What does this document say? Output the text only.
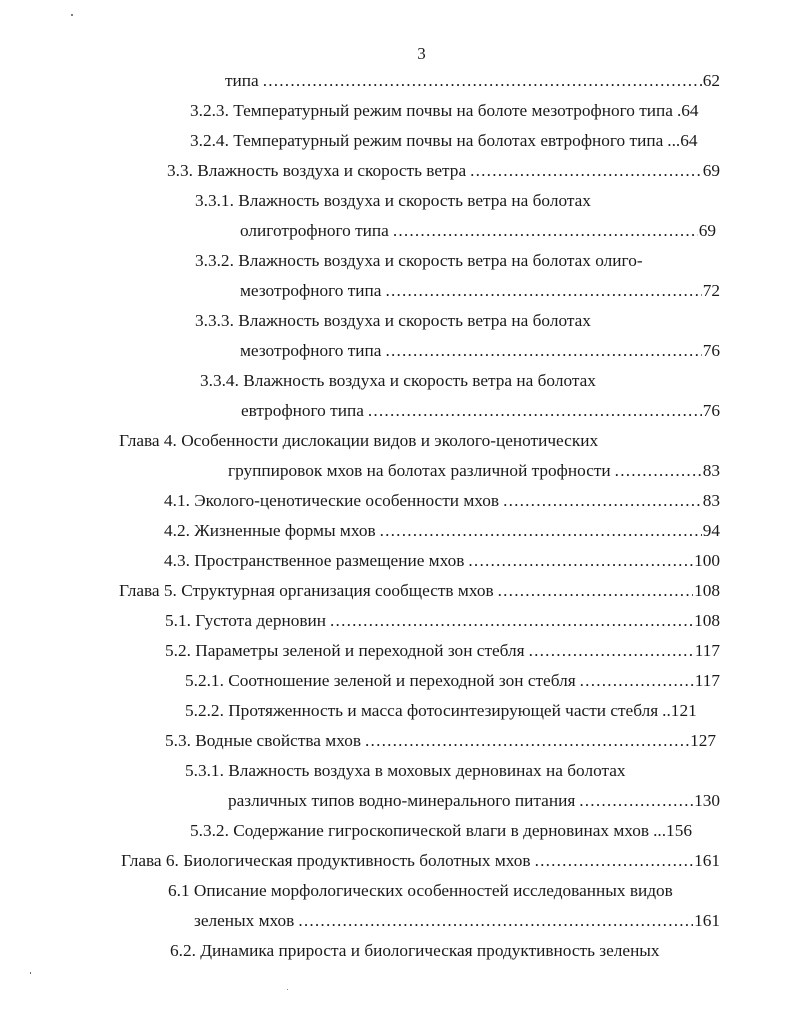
3
типа .....	62
3.2.3. Температурный режим почвы на болоте мезотрофного типа .64
3.2.4. Температурный режим почвы на болотах евтрофного типа ...64
3.3. Влажность воздуха и скорость ветра .....	69
3.3.1. Влажность воздуха и скорость ветра на болотах
олиготрофного типа .....	69
3.3.2. Влажность воздуха и скорость ветра на болотах олиго-
мезотрофного типа .....	72
3.3.3. Влажность воздуха и скорость ветра на болотах
мезотрофного типа .....	76
3.3.4. Влажность воздуха и скорость ветра на болотах
евтрофного типа .....	76
Глава 4. Особенности дислокации видов и эколого-ценотических
группировок мхов на болотах различной трофности .....	83
4.1. Эколого-ценотические особенности мхов .....	83
4.2. Жизненные формы мхов .....	94
4.3. Пространственное размещение мхов .....	100
Глава 5. Структурная организация сообществ мхов .....	108
5.1. Густота дерновин .....	108
5.2. Параметры зеленой и переходной зон стебля .....	117
5.2.1. Соотношение зеленой и переходной зон стебля .....	117
5.2.2. Протяженность и масса фотосинтезирующей части стебля ..121
5.3. Водные свойства мхов .....	127
5.3.1. Влажность воздуха в моховых дерновинах на болотах
различных типов водно-минерального питания .....	130
5.3.2. Содержание гигроскопической влаги в дерновинах мхов ...156
Глава 6. Биологическая продуктивность болотных мхов .....	161
6.1 Описание морфологических особенностей исследованных видов
зеленых мхов .....	161
6.2. Динамика прироста и биологическая продуктивность зеленых
